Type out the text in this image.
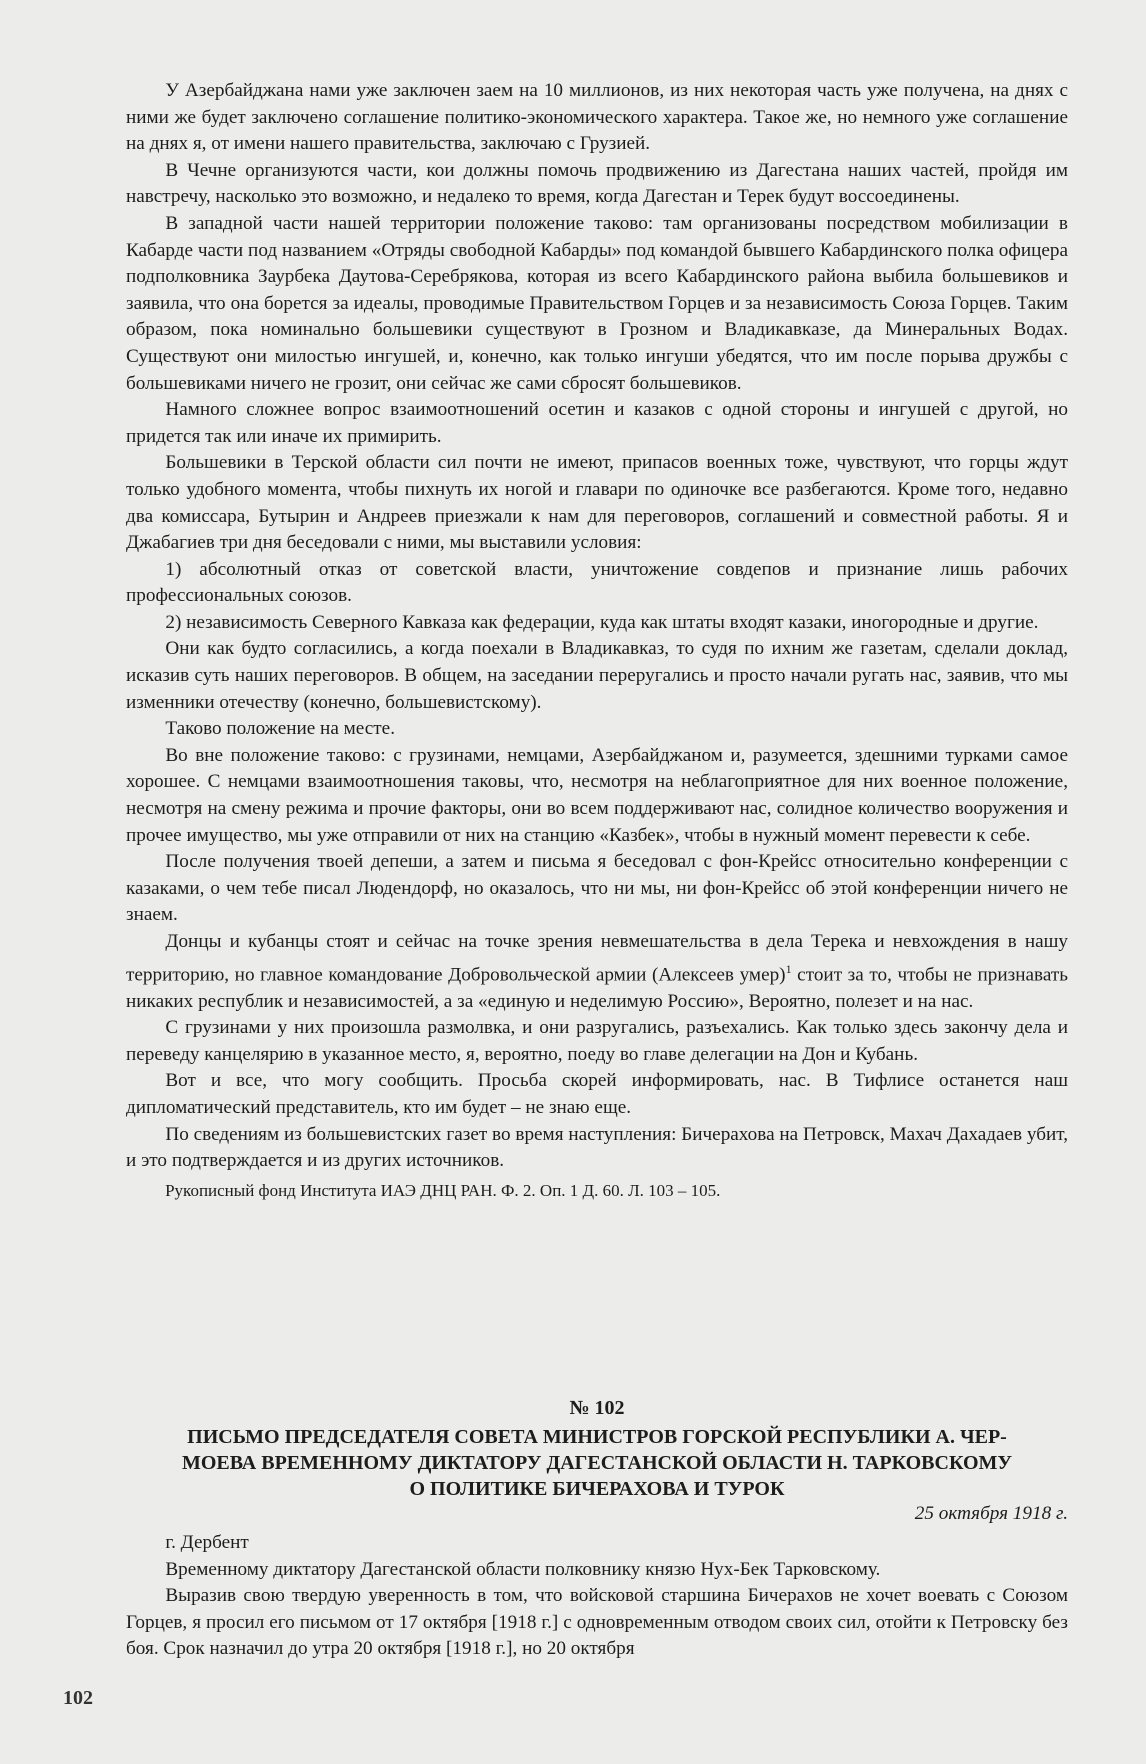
У Азербайджана нами уже заключен заем на 10 миллионов, из них некоторая часть уже получена, на днях с ними же будет заключено соглашение политико-экономического характера. Такое же, но немного уже соглашение на днях я, от имени нашего правительства, заключаю с Грузией.

В Чечне организуются части, кои должны помочь продвижению из Дагестана наших частей, пройдя им навстречу, насколько это возможно, и недалеко то время, когда Дагестан и Терек будут воссоединены.

В западной части нашей территории положение таково: там организованы посредством мобилизации в Кабарде части под названием «Отряды свободной Кабарды» под командой бывшего Кабардинского полка офицера подполковника Заурбека Даутова-Серебрякова, которая из всего Кабардинского района выбила большевиков и заявила, что она борется за идеалы, проводимые Правительством Горцев и за независимость Союза Горцев. Таким образом, пока номинально большевики существуют в Грозном и Владикавказе, да Минеральных Водах. Существуют они милостью ингушей, и, конечно, как только ингуши убедятся, что им после порыва дружбы с большевиками ничего не грозит, они сейчас же сами сбросят большевиков.

Намного сложнее вопрос взаимоотношений осетин и казаков с одной стороны и ингушей с другой, но придется так или иначе их примирить.

Большевики в Терской области сил почти не имеют, припасов военных тоже, чувствуют, что горцы ждут только удобного момента, чтобы пихнуть их ногой и главари по одиночке все разбегаются. Кроме того, недавно два комиссара, Бутырин и Андреев приезжали к нам для переговоров, соглашений и совместной работы. Я и Джабагиев три дня беседовали с ними, мы выставили условия:

1) абсолютный отказ от советской власти, уничтожение совдепов и признание лишь рабочих профессиональных союзов.

2) независимость Северного Кавказа как федерации, куда как штаты входят казаки, иногородные и другие.

Они как будто согласились, а когда поехали в Владикавказ, то судя по ихним же газетам, сделали доклад, исказив суть наших переговоров. В общем, на заседании переругались и просто начали ругать нас, заявив, что мы изменники отечеству (конечно, большевистскому).

Таково положение на месте.

Во вне положение таково: с грузинами, немцами, Азербайджаном и, разумеется, здешними турками самое хорошее. С немцами взаимоотношения таковы, что, несмотря на неблагоприятное для них военное положение, несмотря на смену режима и прочие факторы, они во всем поддерживают нас, солидное количество вооружения и прочее имущество, мы уже отправили от них на станцию «Казбек», чтобы в нужный момент перевести к себе.

После получения твоей депеши, а затем и письма я беседовал с фон-Крейсс относительно конференции с казаками, о чем тебе писал Людендорф, но оказалось, что ни мы, ни фон-Крейсс об этой конференции ничего не знаем.

Донцы и кубанцы стоят и сейчас на точке зрения невмешательства в дела Терека и невхождения в нашу территорию, но главное командование Добровольческой армии (Алексеев умер)$^1$ стоит за то, чтобы не признавать никаких республик и независимостей, а за «единую и неделимую Россию», Вероятно, полезет и на нас.

С грузинами у них произошла размолвка, и они разругались, разъехались. Как только здесь закончу дела и переведу канцелярию в указанное место, я, вероятно, поеду во главе делегации на Дон и Кубань.

Вот и все, что могу сообщить. Просьба скорей информировать, нас. В Тифлисе останется наш дипломатический представитель, кто им будет – не знаю еще.

По сведениям из большевистских газет во время наступления: Бичерахова на Петровск, Махач Дахадаев убит, и это подтверждается и из других источников.

Рукописный фонд Института ИАЭ ДНЦ РАН. Ф. 2. Оп. 1 Д. 60. Л. 103 – 105.

№ 102
ПИСЬМО ПРЕДСЕДАТЕЛЯ СОВЕТА МИНИСТРОВ ГОРСКОЙ РЕСПУБЛИКИ А. ЧЕР-
МОЕВА ВРЕМЕННОМУ ДИКТАТОРУ ДАГЕСТАНСКОЙ ОБЛАСТИ Н. ТАРКОВСКОМУ
О ПОЛИТИКЕ БИЧЕРАХОВА И ТУРОК
25 октября 1918 г.

г. Дербент

Временному диктатору Дагестанской области полковнику князю Нух-Бек Тарковскому.

Выразив свою твердую уверенность в том, что войсковой старшина Бичерахов не хочет воевать с Союзом Горцев, я просил его письмом от 17 октября [1918 г.] с одновременным отводом своих сил, отойти к Петровску без боя. Срок назначил до утра 20 октября [1918 г.], но 20 октября

102
